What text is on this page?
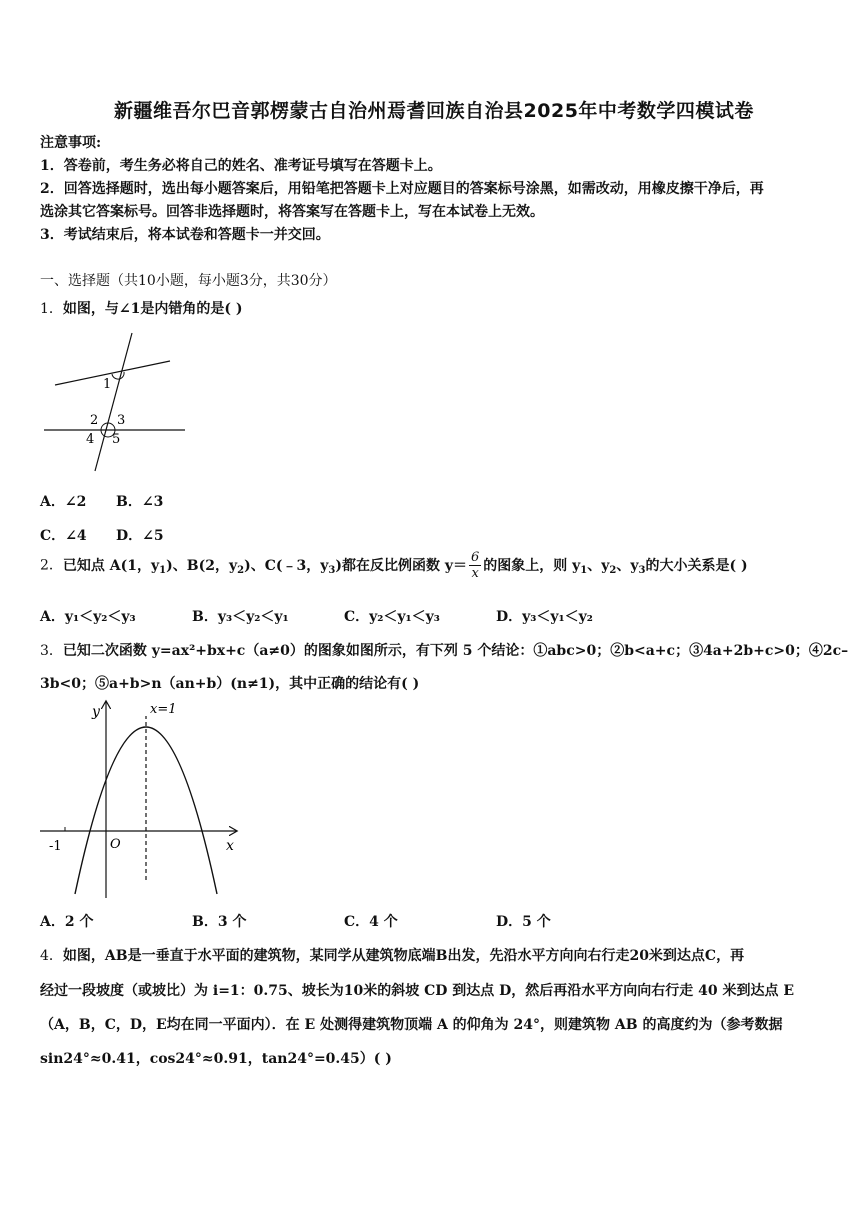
新疆维吾尔巴音郭楞蒙古自治州焉耆回族自治县2025年中考数学四模试卷
注意事项:
1．答卷前，考生务必将自己的姓名、准考证号填写在答题卡上。
2．回答选择题时，选出每小题答案后，用铅笔把答题卡上对应题目的答案标号涂黑，如需改动，用橡皮擦干净后，再
选涂其它答案标号。回答非选择题时，将答案写在答题卡上，写在本试卷上无效。
3．考试结束后，将本试卷和答题卡一并交回。
一、选择题（共10小题，每小题3分，共30分）
1．如图，与∠1是内错角的是( )
1
2 3
4 5
A．∠2 B．∠3
C．∠4 D．∠5
2．已知点 A(1，$y_1$)、B(2，$y_2$)、C(﹣3，$y_3$)都在反比例函数 $y= \frac{6}{x}$ 的图象上，则 $y_1$、$y_2$、$y_3$的大小关系是( )
A．y₁＜y₂＜y₃	B．y₃＜y₂＜y₁	C．y₂＜y₁＜y₃	D．y₃＜y₁＜y₂
3．已知二次函数 y=ax²+bx+c（a≠0）的图象如图所示，有下列 5 个结论：①abc>0；②b<a+c；③4a+2b+c>0；④2c–
3b<0；⑤a+b>n（an+b）(n≠1)，其中正确的结论有( )
y
x
O
-1
x=1
A．2 个	B．3 个	C．4 个	D．5 个
4．如图，AB是一垂直于水平面的建筑物，某同学从建筑物底端B出发，先沿水平方向向右行走20米到达点C，再
经过一段坡度（或坡比）为 i=1：0.75、坡长为10米的斜坡 CD 到达点 D，然后再沿水平方向向右行走 40 米到达点 E
（A，B，C，D，E均在同一平面内）．在 E 处测得建筑物顶端 A 的仰角为 24°，则建筑物 AB 的高度约为（参考数据
sin24°≈0.41，cos24°≈0.91，tan24°=0.45）( )
